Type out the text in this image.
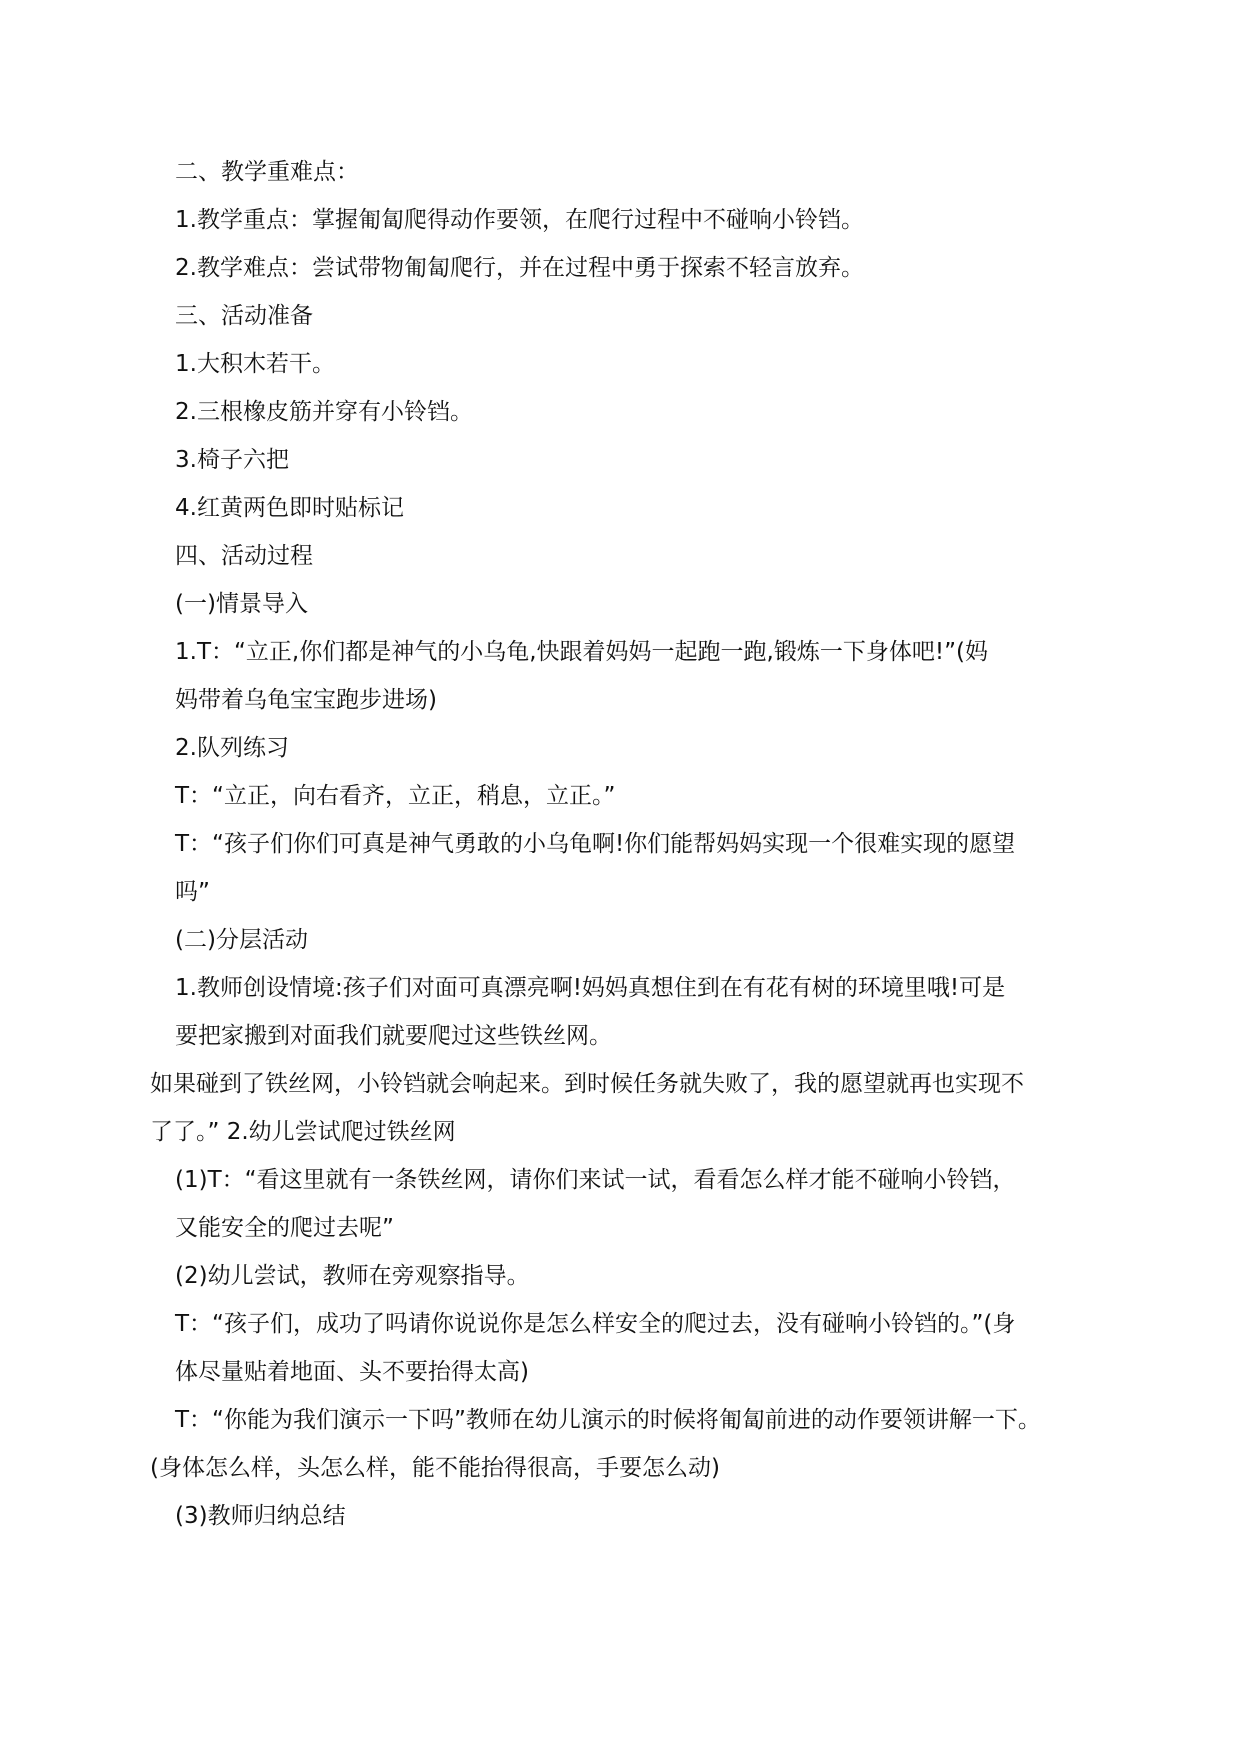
二、教学重难点：
1.教学重点：掌握匍匐爬得动作要领，在爬行过程中不碰响小铃铛。
2.教学难点：尝试带物匍匐爬行，并在过程中勇于探索不轻言放弃。
三、活动准备
1.大积木若干。
2.三根橡皮筋并穿有小铃铛。
3.椅子六把
4.红黄两色即时贴标记
四、活动过程
(一)情景导入
1.T：“立正,你们都是神气的小乌龟,快跟着妈妈一起跑一跑,锻炼一下身体吧!”(妈
妈带着乌龟宝宝跑步进场)
2.队列练习
T：“立正，向右看齐，立正，稍息，立正。”
T：“孩子们你们可真是神气勇敢的小乌龟啊!你们能帮妈妈实现一个很难实现的愿望
吗”
(二)分层活动
1.教师创设情境:孩子们对面可真漂亮啊!妈妈真想住到在有花有树的环境里哦!可是
要把家搬到对面我们就要爬过这些铁丝网。
如果碰到了铁丝网，小铃铛就会响起来。到时候任务就失败了，我的愿望就再也实现不
了了。” 2.幼儿尝试爬过铁丝网
(1)T：“看这里就有一条铁丝网，请你们来试一试，看看怎么样才能不碰响小铃铛，
又能安全的爬过去呢”
(2)幼儿尝试，教师在旁观察指导。
T：“孩子们，成功了吗请你说说你是怎么样安全的爬过去，没有碰响小铃铛的。”(身
体尽量贴着地面、头不要抬得太高)
T：“你能为我们演示一下吗”教师在幼儿演示的时候将匍匐前进的动作要领讲解一下。
(身体怎么样，头怎么样，能不能抬得很高，手要怎么动)
(3)教师归纳总结
